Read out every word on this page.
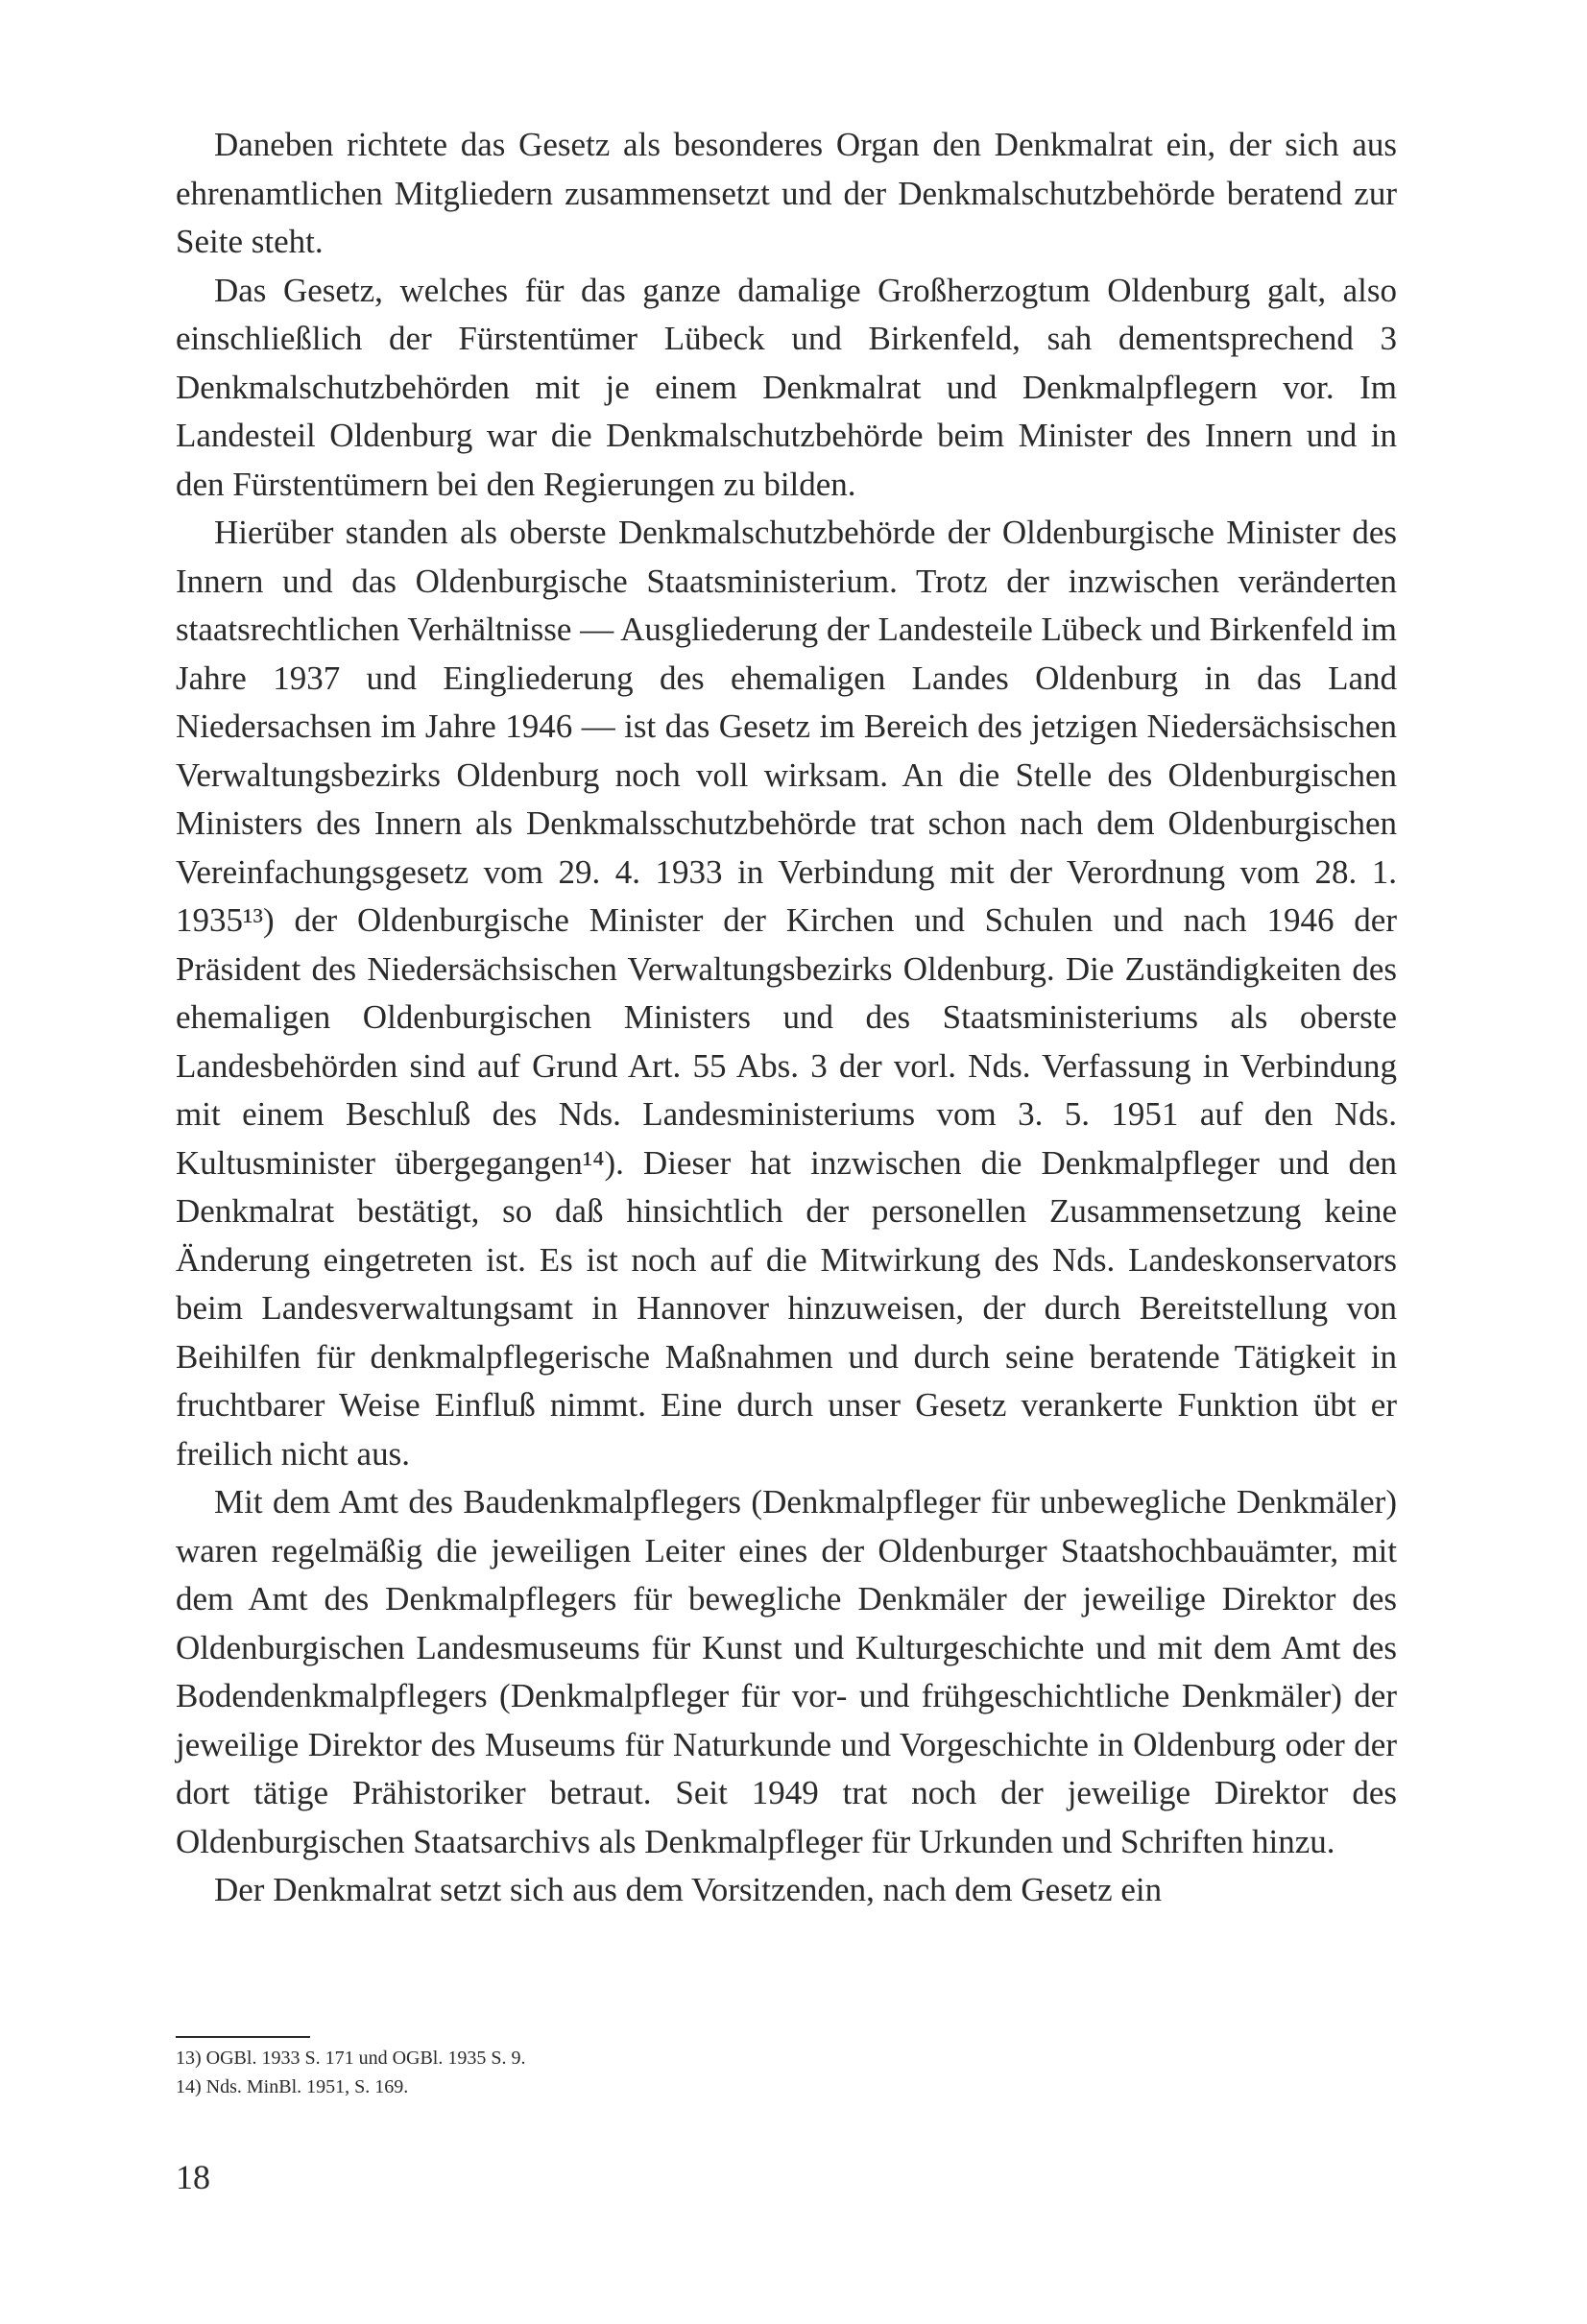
Daneben richtete das Gesetz als besonderes Organ den Denkmalrat ein, der sich aus ehrenamtlichen Mitgliedern zusammensetzt und der Denkmalschutzbehörde beratend zur Seite steht.

Das Gesetz, welches für das ganze damalige Großherzogtum Oldenburg galt, also einschließlich der Fürstentümer Lübeck und Birkenfeld, sah dementsprechend 3 Denkmalschutzbehörden mit je einem Denkmalrat und Denkmalpflegern vor. Im Landesteil Oldenburg war die Denkmalschutzbehörde beim Minister des Innern und in den Fürstentümern bei den Regierungen zu bilden.

Hierüber standen als oberste Denkmalschutzbehörde der Oldenburgische Minister des Innern und das Oldenburgische Staatsministerium. Trotz der inzwischen veränderten staatsrechtlichen Verhältnisse — Ausgliederung der Landesteile Lübeck und Birkenfeld im Jahre 1937 und Eingliederung des ehemaligen Landes Oldenburg in das Land Niedersachsen im Jahre 1946 — ist das Gesetz im Bereich des jetzigen Niedersächsischen Verwaltungsbezirks Oldenburg noch voll wirksam. An die Stelle des Oldenburgischen Ministers des Innern als Denkmalsschutzbehörde trat schon nach dem Oldenburgischen Vereinfachungsgesetz vom 29. 4. 1933 in Verbindung mit der Verordnung vom 28. 1. 1935¹³) der Oldenburgische Minister der Kirchen und Schulen und nach 1946 der Präsident des Niedersächsischen Verwaltungsbezirks Oldenburg. Die Zuständigkeiten des ehemaligen Oldenburgischen Ministers und des Staatsministeriums als oberste Landesbehörden sind auf Grund Art. 55 Abs. 3 der vorl. Nds. Verfassung in Verbindung mit einem Beschluß des Nds. Landesministeriums vom 3. 5. 1951 auf den Nds. Kultusminister übergegangen¹⁴). Dieser hat inzwischen die Denkmalpfleger und den Denkmalrat bestätigt, so daß hinsichtlich der personellen Zusammensetzung keine Änderung eingetreten ist. Es ist noch auf die Mitwirkung des Nds. Landeskonservators beim Landesverwaltungsamt in Hannover hinzuweisen, der durch Bereitstellung von Beihilfen für denkmalpflegerische Maßnahmen und durch seine beratende Tätigkeit in fruchtbarer Weise Einfluß nimmt. Eine durch unser Gesetz verankerte Funktion übt er freilich nicht aus.

Mit dem Amt des Baudenkmalpflegers (Denkmalpfleger für unbewegliche Denkmäler) waren regelmäßig die jeweiligen Leiter eines der Oldenburger Staatshochbauämter, mit dem Amt des Denkmalpflegers für bewegliche Denkmäler der jeweilige Direktor des Oldenburgischen Landesmuseums für Kunst und Kulturgeschichte und mit dem Amt des Bodendenkmalpflegers (Denkmalpfleger für vor- und frühgeschichtliche Denkmäler) der jeweilige Direktor des Museums für Naturkunde und Vorgeschichte in Oldenburg oder der dort tätige Prähistoriker betraut. Seit 1949 trat noch der jeweilige Direktor des Oldenburgischen Staatsarchivs als Denkmalpfleger für Urkunden und Schriften hinzu.

Der Denkmalrat setzt sich aus dem Vorsitzenden, nach dem Gesetz ein

13) OGBl. 1933 S. 171 und OGBl. 1935 S. 9.

14) Nds. MinBl. 1951, S. 169.

18
